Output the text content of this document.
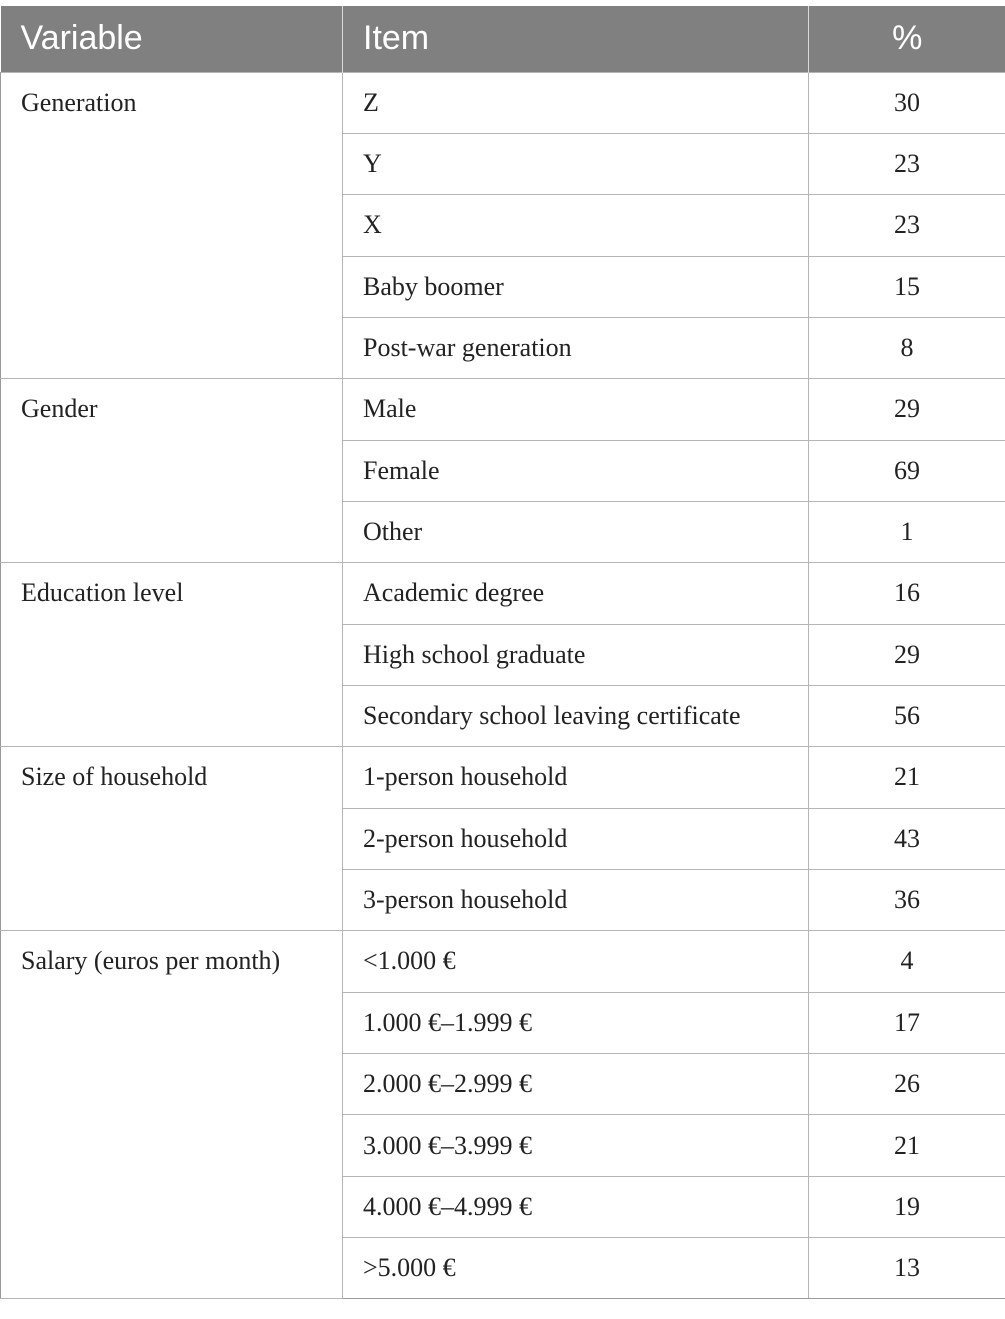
Variable	Item	%
Generation	Z	30
	Y	23
	X	23
	Baby boomer	15
	Post-war generation	8
Gender	Male	29
	Female	69
	Other	1
Education level	Academic degree	16
	High school graduate	29
	Secondary school leaving certificate	56
Size of household	1-person household	21
	2-person household	43
	3-person household	36
Salary (euros per month)	<1.000 €	4
	1.000 €–1.999 €	17
	2.000 €–2.999 €	26
	3.000 €–3.999 €	21
	4.000 €–4.999 €	19
	>5.000 €	13
